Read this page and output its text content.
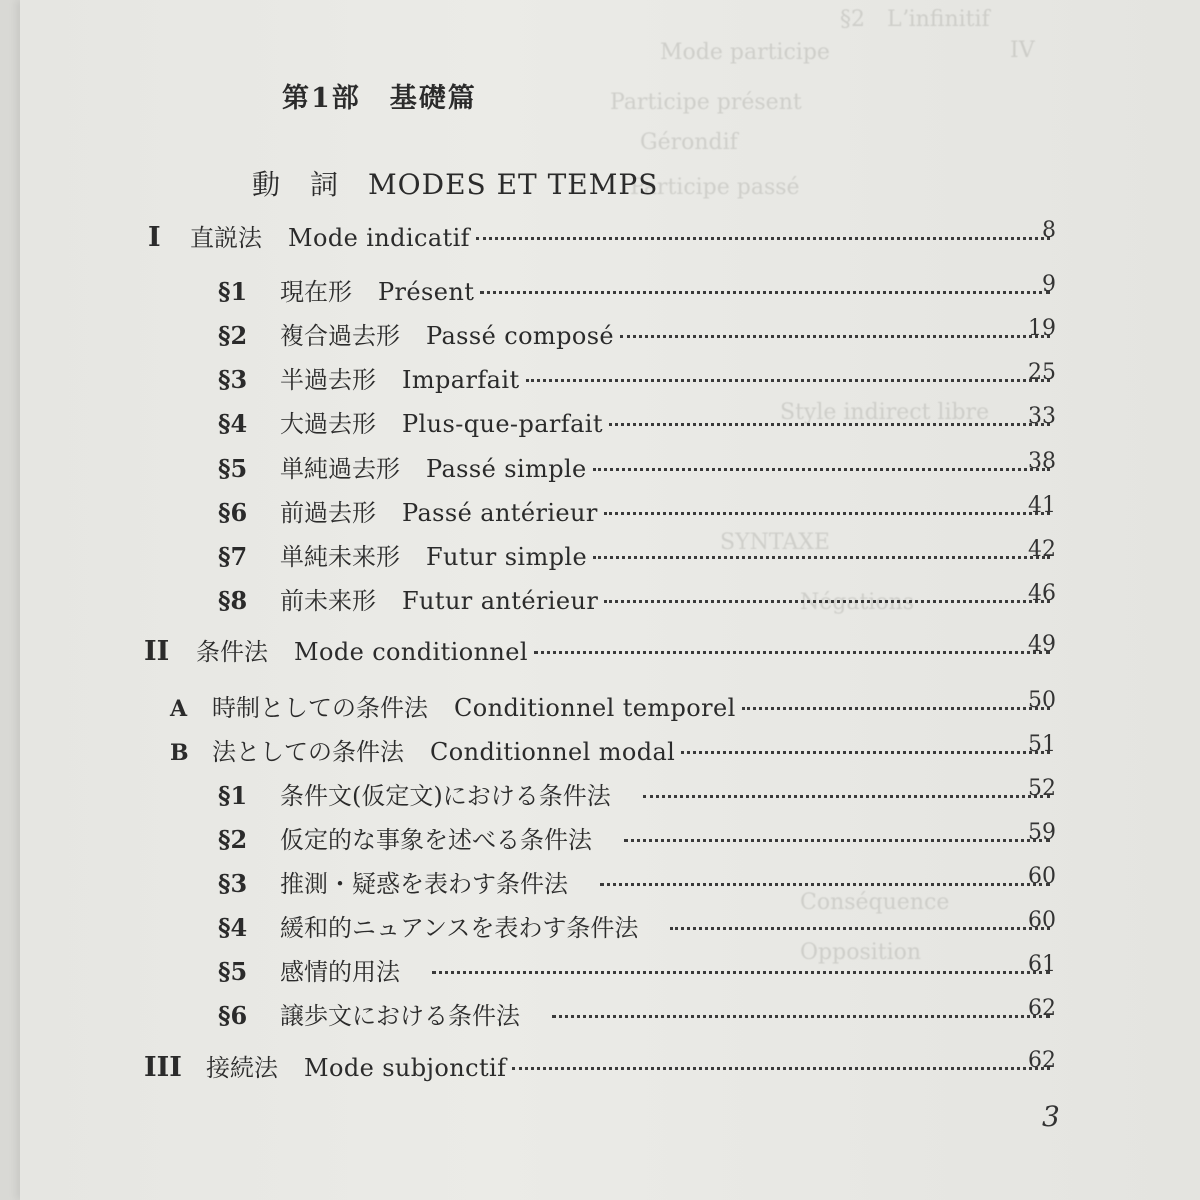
§2　Lʼinfinitif
IV
Mode participe
Participe présent
Gérondif
Participe passé
Style indirect libre
SYNTAXE
Négations
Conséquence
Opposition
第1部　基礎篇
動　詞　MODES ET TEMPS
I	直説法 Mode indicatif	8
§1	現在形 Présent	9
§2	複合過去形 Passé composé	19
§3	半過去形 Imparfait	25
§4	大過去形 Plus-que-parfait	33
§5	単純過去形 Passé simple	38
§6	前過去形 Passé antérieur	41
§7	単純未来形 Futur simple	42
§8	前未来形 Futur antérieur	46
II	条件法 Mode conditionnel	49
A	時制としての条件法 Conditionnel temporel	50
B 法としての条件法 Conditionnel modal	51
§1	条件文(仮定文)における条件法	52
§2	仮定的な事象を述べる条件法	59
§3	推測・疑惑を表わす条件法	60
§4	緩和的ニュアンスを表わす条件法	60
§5	感情的用法	61
§6	譲歩文における条件法	62
III	接続法 Mode subjonctif	62
3
